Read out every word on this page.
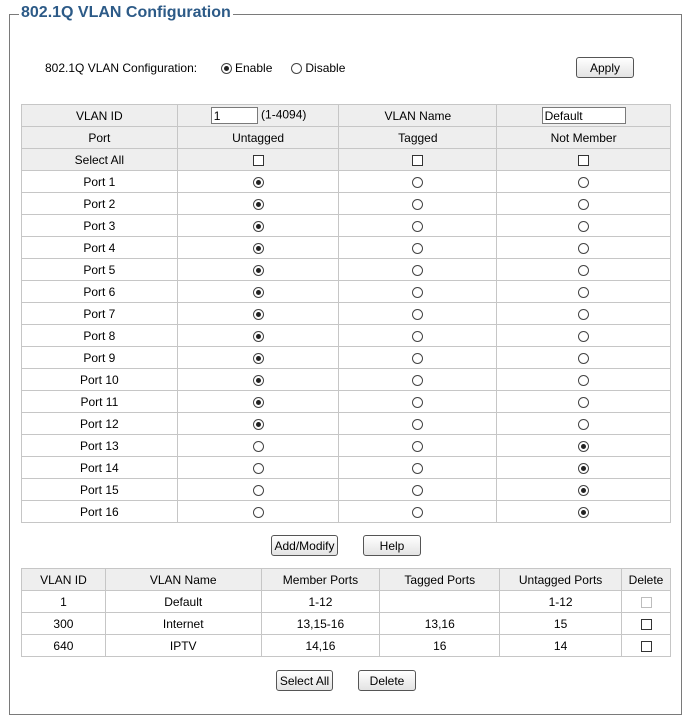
802.1Q VLAN Configuration
802.1Q VLAN Configuration:	Enable	Disable	Apply
VLAN ID	1(1-4094)	VLAN Name	Default
Port	Untagged	Tagged	Not Member
Select All			
Port 1			
Port 2			
Port 3			
Port 4			
Port 5			
Port 6			
Port 7			
Port 8			
Port 9			
Port 10			
Port 11			
Port 12			
Port 13			
Port 14			
Port 15			
Port 16			
Add/Modify	Help
VLAN ID	VLAN Name	Member Ports	Tagged Ports	Untagged Ports	Delete
1	Default	1-12		1-12	
300	Internet	13,15-16	13,16	15	
640	IPTV	14,16	16	14	
Select All	Delete
